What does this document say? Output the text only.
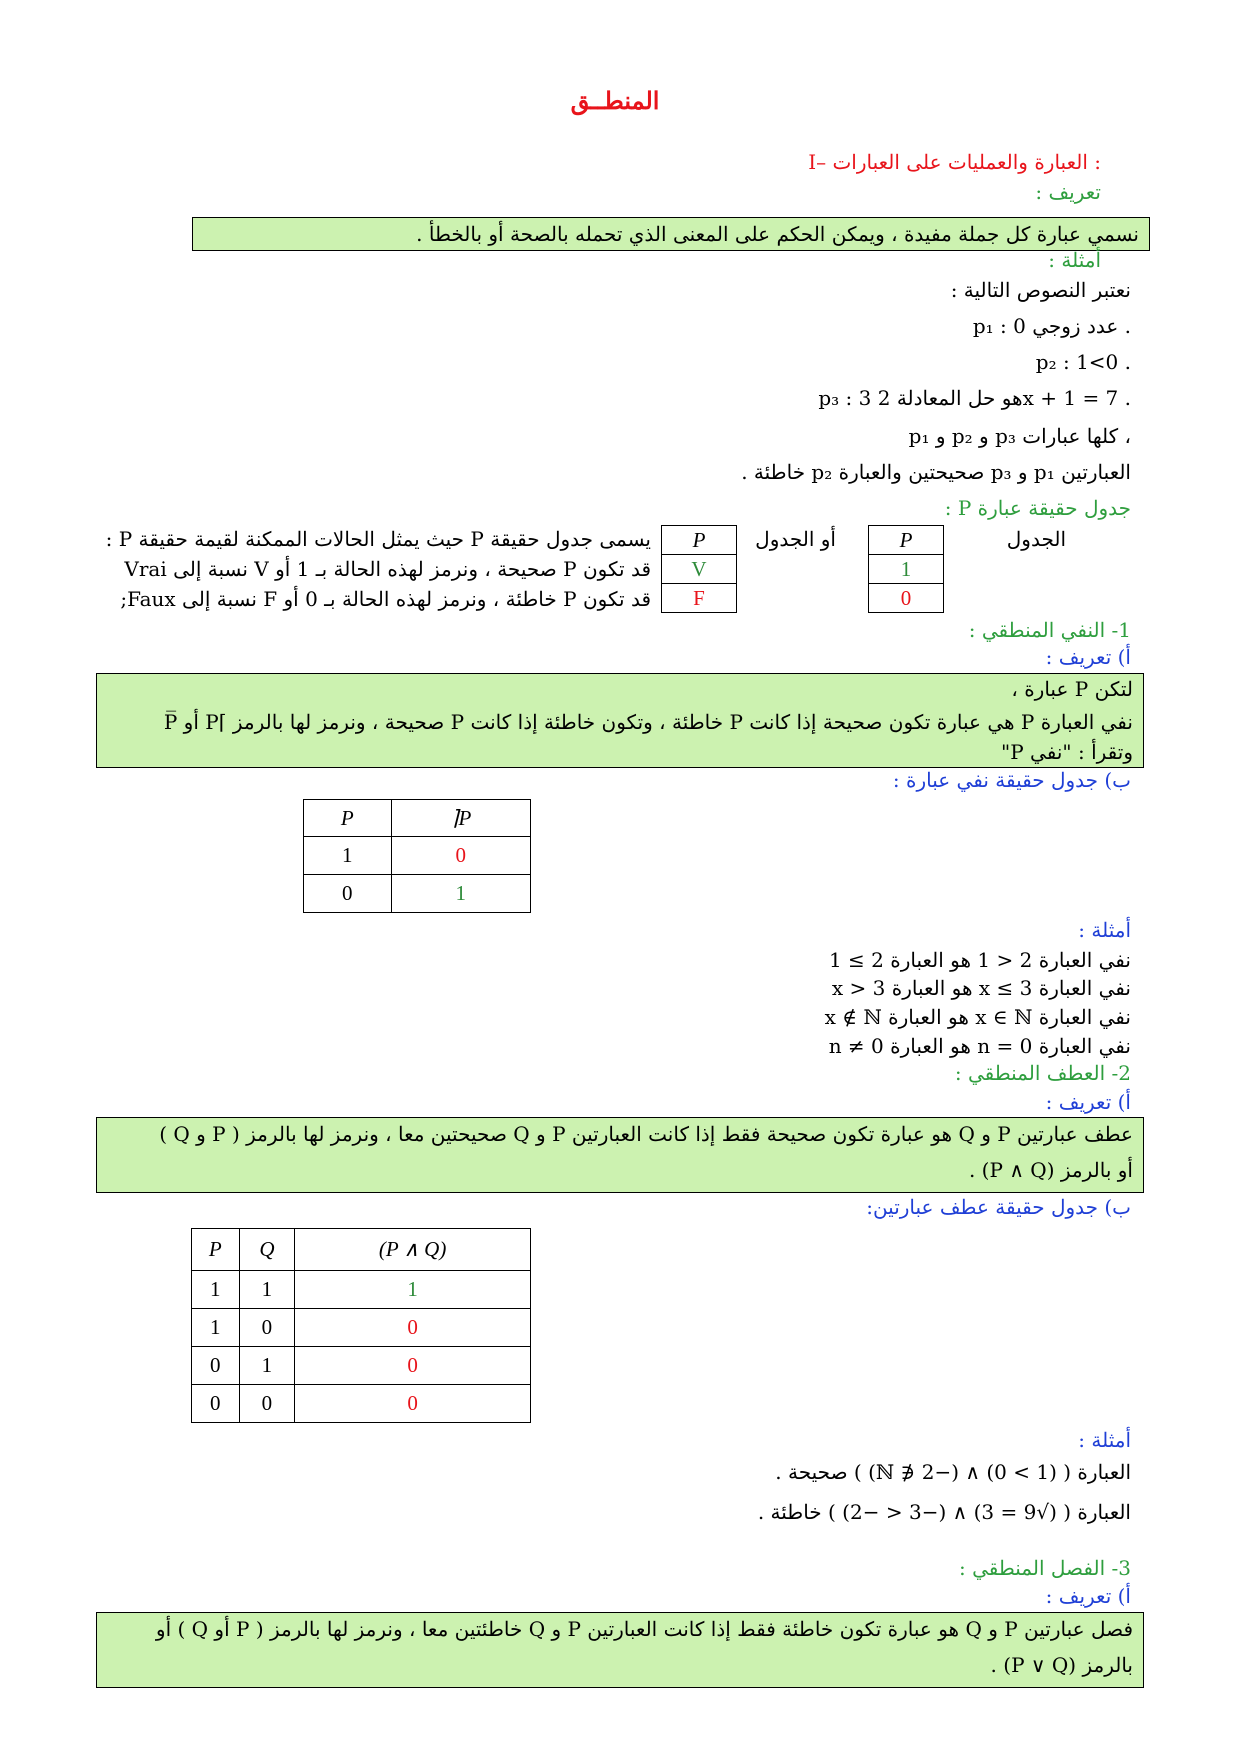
المنطــق
I– العبارة والعمليات على العبارات :
تعريف :
نسمي عبارة كل جملة مفيدة ، ويمكن الحكم على المعنى الذي تحمله بالصحة أو بالخطأ .
أمثلة :
نعتبر النصوص التالية :
p₁ : 0 عدد زوجي .
p₂ : 1<0 .
p₃ : 3 هو حل المعادلة 2x + 1 = 7 .
p₁ و p₂ و p₃ كلها عبارات ،
العبارتين p₁ و p₃ صحيحتين والعبارة p₂ خاطئة .
جدول حقيقة عبارة P :
الجدول
P
1
0
أو الجدول
P
V
F
يسمى جدول حقيقة P حيث يمثل الحالات الممكنة لقيمة حقيقة P :
قد تكون P صحيحة ، ونرمز لهذه الحالة بـ 1 أو V نسبة إلى Vrai
قد تكون P خاطئة ، ونرمز لهذه الحالة بـ 0 أو F نسبة إلى Faux;
1- النفي المنطقي :
أ) تعريف :
لتكن P عبارة ،
نفي العبارة P هي عبارة تكون صحيحة إذا كانت P خاطئة ، وتكون خاطئة إذا كانت P صحيحة ، ونرمز لها بالرمز ⌉P أو P̅
وتقرأ : "نفي P"
ب) جدول حقيقة نفي عبارة :
P	⌉P
1	0
0	1
أمثلة :
نفي العبارة 2 < 1 هو العبارة 2 ≥ 1
نفي العبارة x ≤ 3 هو العبارة x > 3
نفي العبارة x ∈ ℕ هو العبارة x ∉ ℕ
نفي العبارة n = 0 هو العبارة n ≠ 0
2- العطف المنطقي :
أ) تعريف :
عطف عبارتين P و Q هو عبارة تكون صحيحة فقط إذا كانت العبارتين P و Q صحيحتين معا ، ونرمز لها بالرمز ( P و Q )
أو بالرمز (P ∧ Q) .
ب) جدول حقيقة عطف عبارتين:
P	Q	(P ∧ Q)
1	1	1
1	0	0
0	1	0
0	0	0
أمثلة :
العبارة ( (1 > 0) ∧ (−2 ∉ ℕ) ) صحيحة .
العبارة ( (√9 = 3) ∧ (−3 < −2) ) خاطئة .
3- الفصل المنطقي :
أ) تعريف :
فصل عبارتين P و Q هو عبارة تكون خاطئة فقط إذا كانت العبارتين P و Q خاطئتين معا ، ونرمز لها بالرمز ( P أو Q ) أو
بالرمز (P ∨ Q) .
